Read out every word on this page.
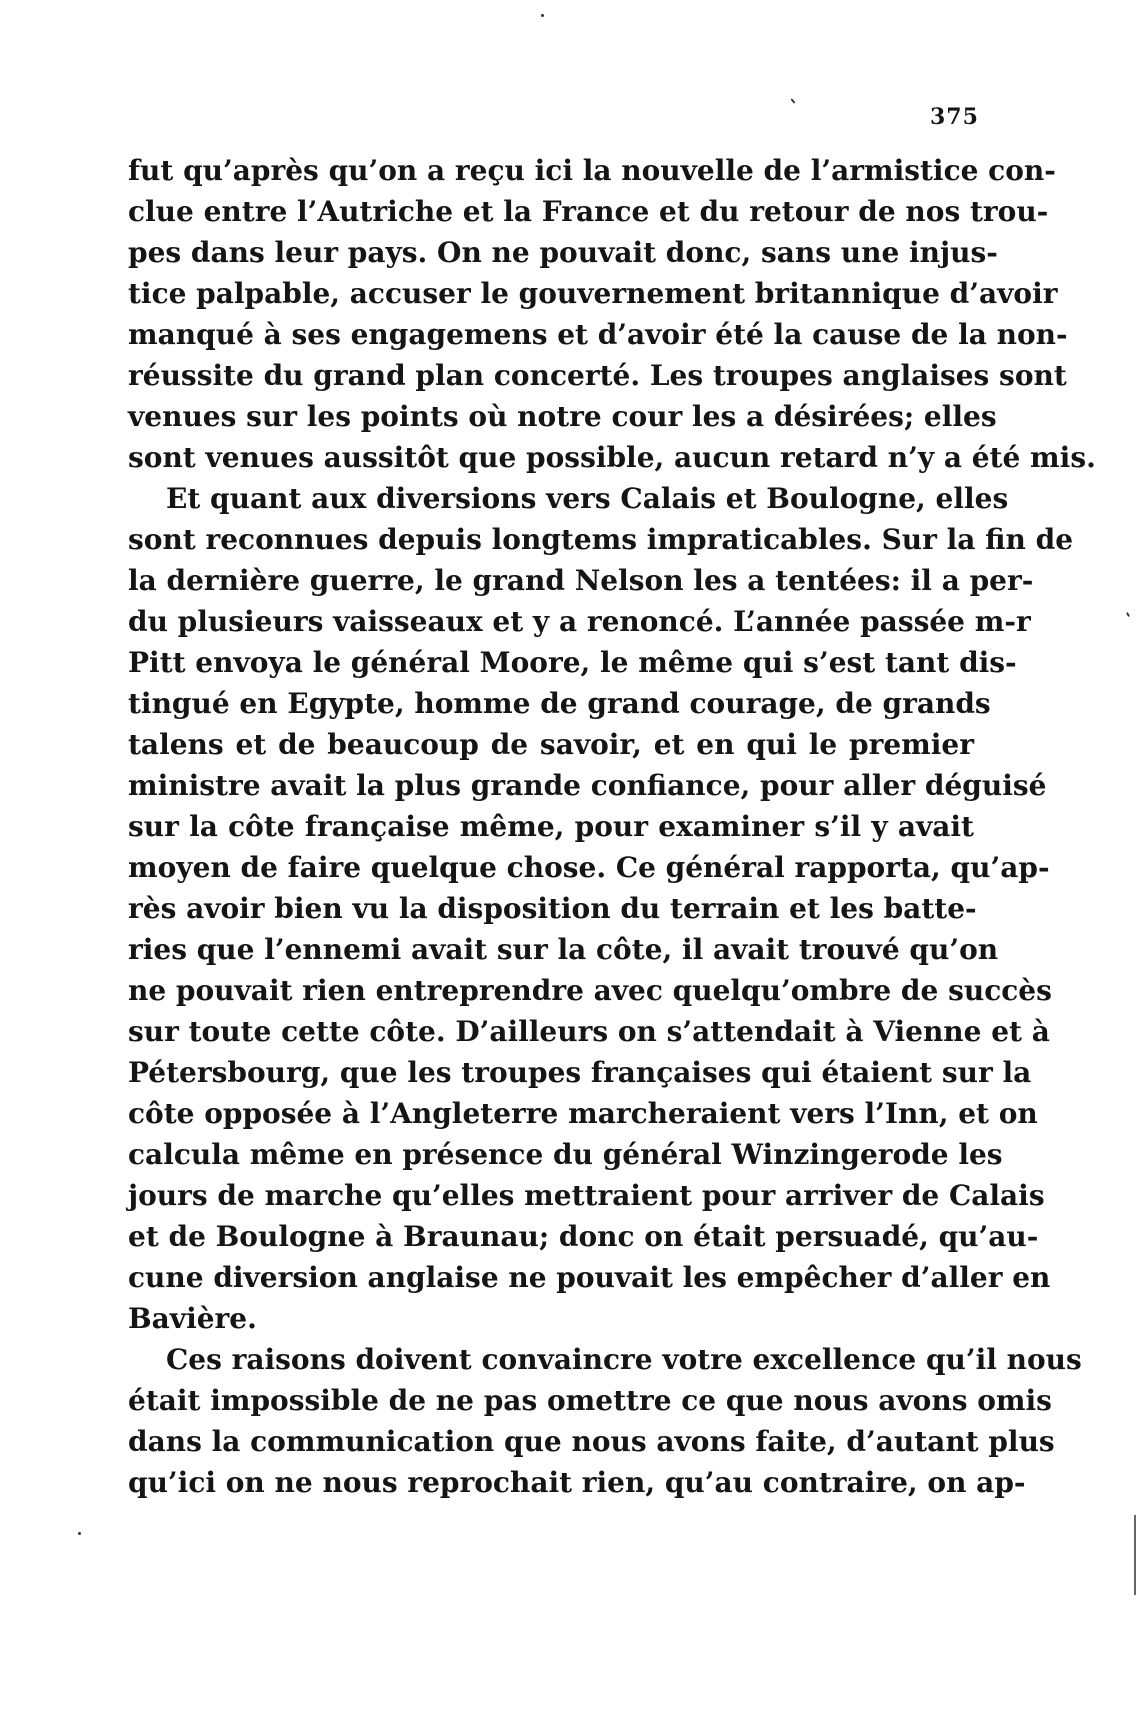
375
fut qu’après qu’on a reçu ici la nouvelle de l’armistice con-
clue entre l’Autriche et la France et du retour de nos trou-
pes dans leur pays. On ne pouvait donc, sans une injus-
tice palpable, accuser le gouvernement britannique d’avoir
manqué à ses engagemens et d’avoir été la cause de la non-
réussite du grand plan concerté. Les troupes anglaises sont
venues sur les points où notre cour les a désirées; elles
sont venues aussitôt que possible, aucun retard n’y a été mis.
Et quant aux diversions vers Calais et Boulogne, elles
sont reconnues depuis longtems impraticables. Sur la fin de
la dernière guerre, le grand Nelson les a tentées: il a per-
du plusieurs vaisseaux et y a renoncé. L’année passée m-r
Pitt envoya le général Moore, le même qui s’est tant dis-
tingué en Egypte, homme de grand courage, de grands
talens et de beaucoup de savoir, et en qui le premier
ministre avait la plus grande confiance, pour aller déguisé
sur la côte française même, pour examiner s’il y avait
moyen de faire quelque chose. Ce général rapporta, qu’ap-
rès avoir bien vu la disposition du terrain et les batte-
ries que l’ennemi avait sur la côte, il avait trouvé qu’on
ne pouvait rien entreprendre avec quelqu’ombre de succès
sur toute cette côte. D’ailleurs on s’attendait à Vienne et à
Pétersbourg, que les troupes françaises qui étaient sur la
côte opposée à l’Angleterre marcheraient vers l’Inn, et on
calcula même en présence du général Winzingerode les
jours de marche qu’elles mettraient pour arriver de Calais
et de Boulogne à Braunau; donc on était persuadé, qu’au-
cune diversion anglaise ne pouvait les empêcher d’aller en
Bavière.
Ces raisons doivent convaincre votre excellence qu’il nous
était impossible de ne pas omettre ce que nous avons omis
dans la communication que nous avons faite, d’autant plus
qu’ici on ne nous reprochait rien, qu’au contraire, on ap-
